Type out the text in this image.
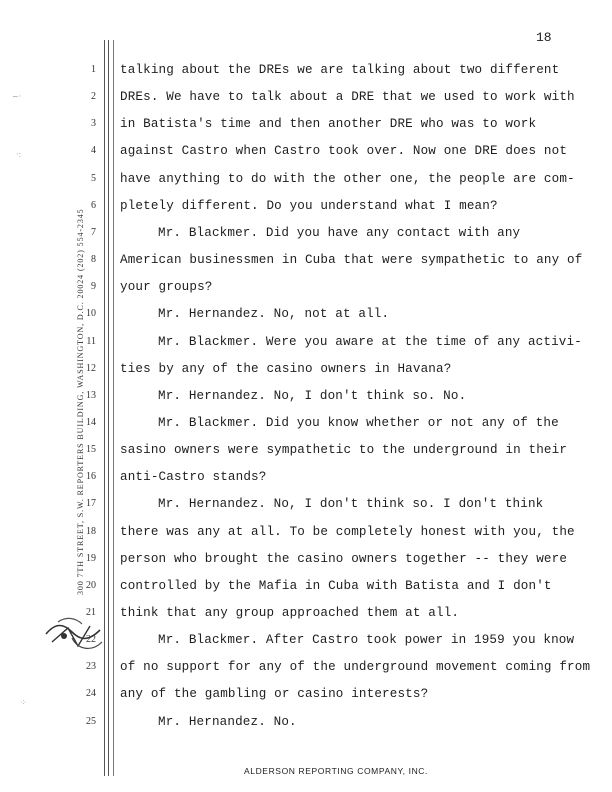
18
300 7TH STREET, S.W. REPORTERS BUILDING, WASHINGTON, D.C. 20024 (202) 554-2345
1 talking about the DREs we are talking about two different
2 DREs. We have to talk about a DRE that we used to work with
3 in Batista's time and then another DRE who was to work
4 against Castro when Castro took over. Now one DRE does not
5 have anything to do with the other one, the people are com-
6 pletely different. Do you understand what I mean?
7	Mr. Blackmer. Did you have any contact with any
8 American businessmen in Cuba that were sympathetic to any of
9 your groups?
10	Mr. Hernandez. No, not at all.
11	Mr. Blackmer. Were you aware at the time of any activi-
12 ties by any of the casino owners in Havana?
13	Mr. Hernandez. No, I don't think so. No.
14	Mr. Blackmer. Did you know whether or not any of the
15 sasino owners were sympathetic to the underground in their
16 anti-Castro stands?
17	Mr. Hernandez. No, I don't think so. I don't think
18 there was any at all. To be completely honest with you, the
19 person who brought the casino owners together -- they were
20 controlled by the Mafia in Cuba with Batista and I don't
21 think that any group approached them at all.
22	Mr. Blackmer. After Castro took power in 1959 you know
23 of no support for any of the underground movement coming from
24 any of the gambling or casino interests?
25	Mr. Hernandez. No.
~·
·:
⁘
ALDERSON REPORTING COMPANY, INC.
